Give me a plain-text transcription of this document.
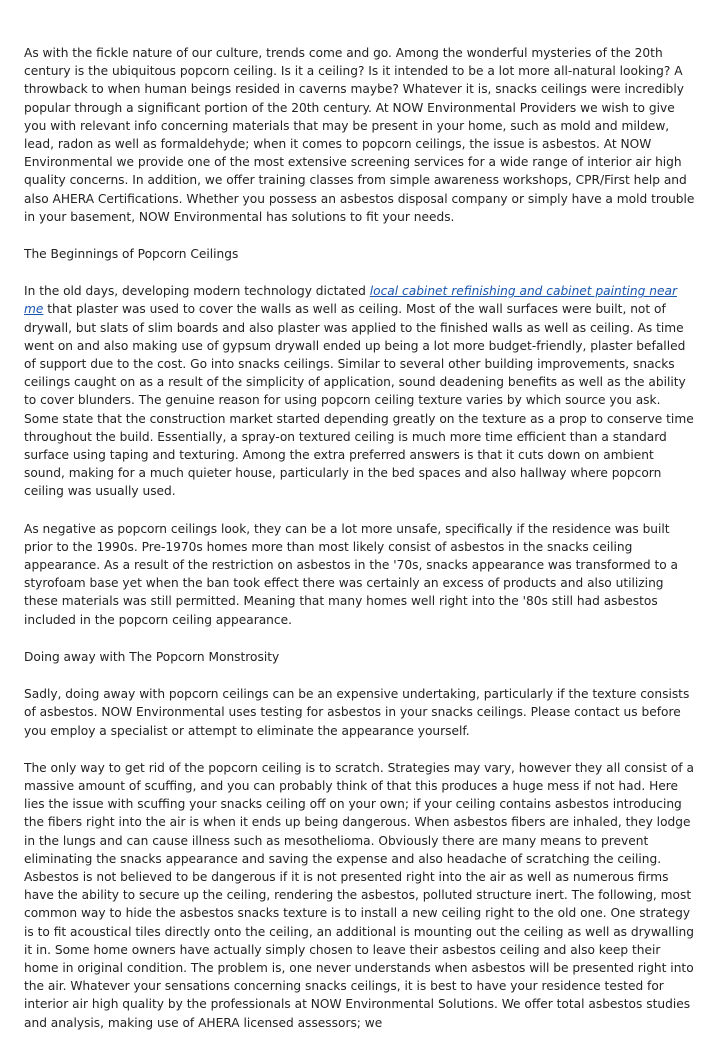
As with the fickle nature of our culture, trends come and go. Among the wonderful mysteries of the 20th century is the ubiquitous popcorn ceiling. Is it a ceiling? Is it intended to be a lot more all-natural looking? A throwback to when human beings resided in caverns maybe? Whatever it is, snacks ceilings were incredibly popular through a significant portion of the 20th century. At NOW Environmental Providers we wish to give you with relevant info concerning materials that may be present in your home, such as mold and mildew, lead, radon as well as formaldehyde; when it comes to popcorn ceilings, the issue is asbestos. At NOW Environmental we provide one of the most extensive screening services for a wide range of interior air high quality concerns. In addition, we offer training classes from simple awareness workshops, CPR/First help and also AHERA Certifications. Whether you possess an asbestos disposal company or simply have a mold trouble in your basement, NOW Environmental has solutions to fit your needs.

The Beginnings of Popcorn Ceilings

In the old days, developing modern technology dictated local cabinet refinishing and cabinet painting near me that plaster was used to cover the walls as well as ceiling. Most of the wall surfaces were built, not of drywall, but slats of slim boards and also plaster was applied to the finished walls as well as ceiling. As time went on and also making use of gypsum drywall ended up being a lot more budget-friendly, plaster befalled of support due to the cost. Go into snacks ceilings. Similar to several other building improvements, snacks ceilings caught on as a result of the simplicity of application, sound deadening benefits as well as the ability to cover blunders. The genuine reason for using popcorn ceiling texture varies by which source you ask. Some state that the construction market started depending greatly on the texture as a prop to conserve time throughout the build. Essentially, a spray-on textured ceiling is much more time efficient than a standard surface using taping and texturing. Among the extra preferred answers is that it cuts down on ambient sound, making for a much quieter house, particularly in the bed spaces and also hallway where popcorn ceiling was usually used.

As negative as popcorn ceilings look, they can be a lot more unsafe, specifically if the residence was built prior to the 1990s. Pre-1970s homes more than most likely consist of asbestos in the snacks ceiling appearance. As a result of the restriction on asbestos in the '70s, snacks appearance was transformed to a styrofoam base yet when the ban took effect there was certainly an excess of products and also utilizing these materials was still permitted. Meaning that many homes well right into the '80s still had asbestos included in the popcorn ceiling appearance.

Doing away with The Popcorn Monstrosity

Sadly, doing away with popcorn ceilings can be an expensive undertaking, particularly if the texture consists of asbestos. NOW Environmental uses testing for asbestos in your snacks ceilings. Please contact us before you employ a specialist or attempt to eliminate the appearance yourself.

The only way to get rid of the popcorn ceiling is to scratch. Strategies may vary, however they all consist of a massive amount of scuffing, and you can probably think of that this produces a huge mess if not had. Here lies the issue with scuffing your snacks ceiling off on your own; if your ceiling contains asbestos introducing the fibers right into the air is when it ends up being dangerous. When asbestos fibers are inhaled, they lodge in the lungs and can cause illness such as mesothelioma. Obviously there are many means to prevent eliminating the snacks appearance and saving the expense and also headache of scratching the ceiling. Asbestos is not believed to be dangerous if it is not presented right into the air as well as numerous firms have the ability to secure up the ceiling, rendering the asbestos, polluted structure inert. The following, most common way to hide the asbestos snacks texture is to install a new ceiling right to the old one. One strategy is to fit acoustical tiles directly onto the ceiling, an additional is mounting out the ceiling as well as drywalling it in. Some home owners have actually simply chosen to leave their asbestos ceiling and also keep their home in original condition. The problem is, one never understands when asbestos will be presented right into the air. Whatever your sensations concerning snacks ceilings, it is best to have your residence tested for interior air high quality by the professionals at NOW Environmental Solutions. We offer total asbestos studies and analysis, making use of AHERA licensed assessors; we
